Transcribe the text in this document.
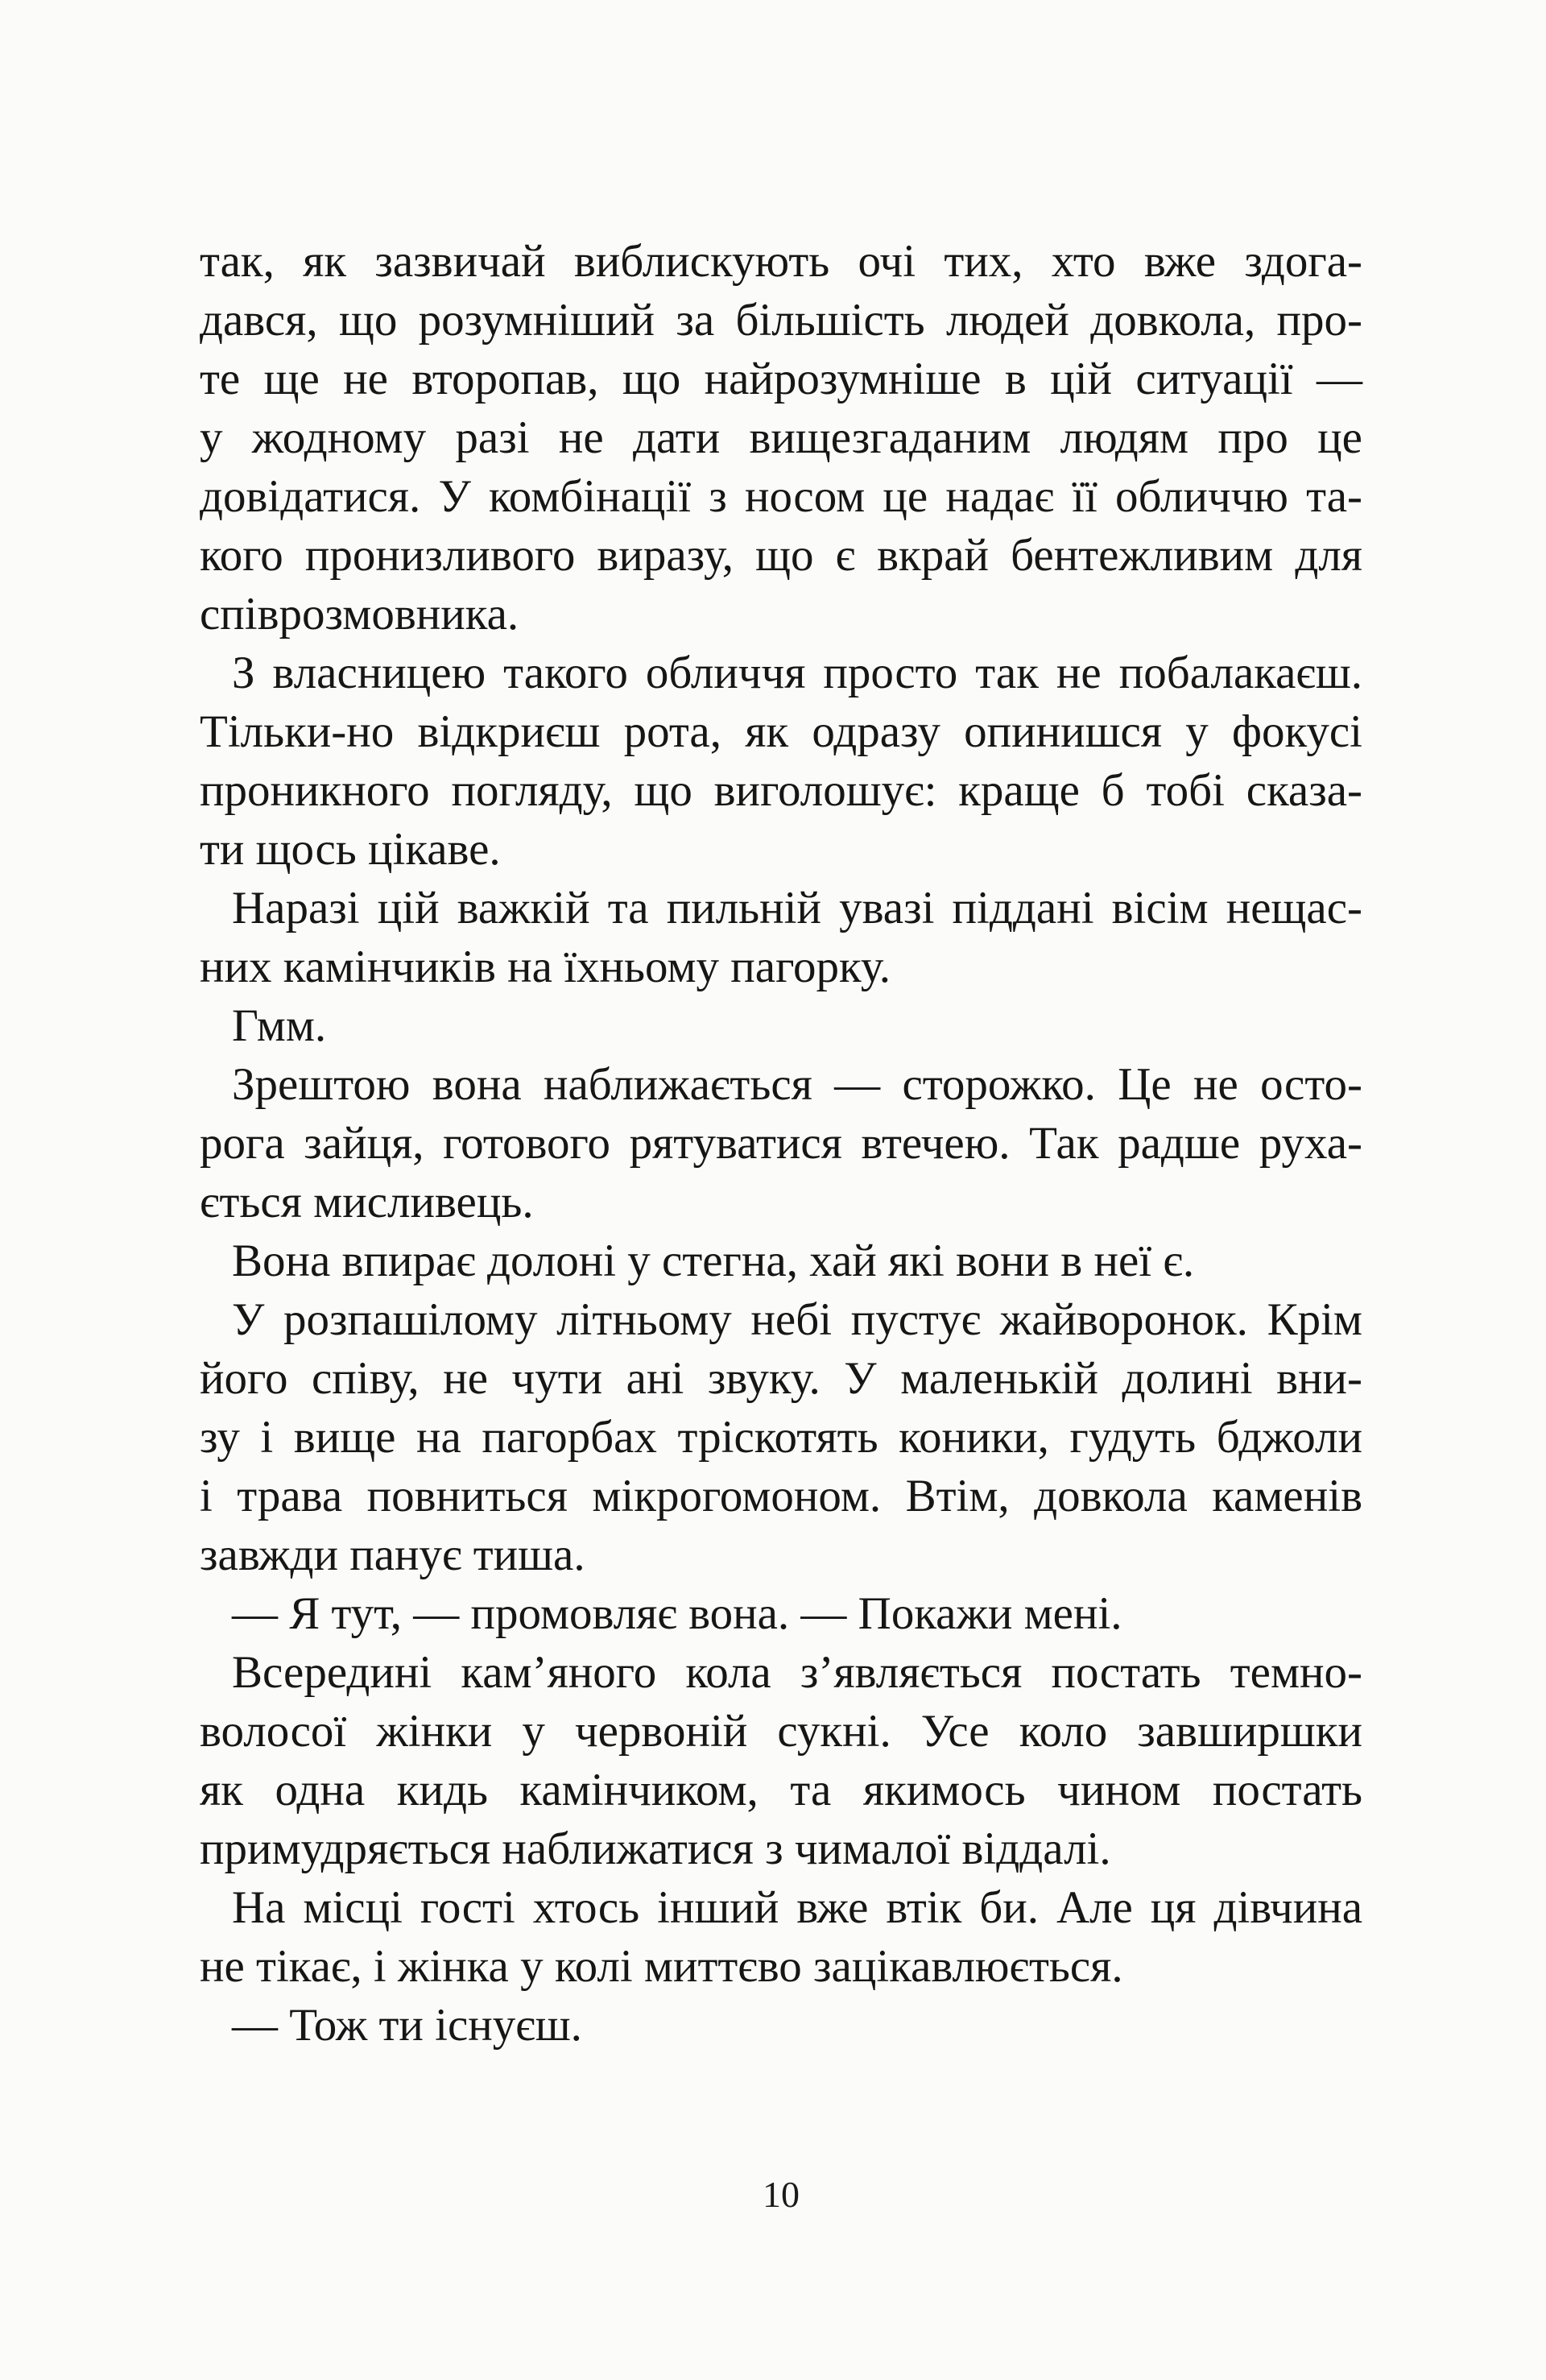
так, як зазвичай виблискують очі тих, хто вже здога-
дався, що розумніший за більшість людей довкола, про-
те ще не второпав, що найрозумніше в цій ситуації —
у жодному разі не дати вищезгаданим людям про це
довідатися. У комбінації з носом це надає її обличчю та-
кого пронизливого виразу, що є вкрай бентежливим для
співрозмовника.
З власницею такого обличчя просто так не побалакаєш.
Тільки-но відкриєш рота, як одразу опинишся у фокусі
проникного погляду, що виголошує: краще б тобі сказа-
ти щось цікаве.
Наразі цій важкій та пильній увазі піддані вісім нещас-
них камінчиків на їхньому пагорку.
Гмм.
Зрештою вона наближається — сторожко. Це не осто-
рога зайця, готового рятуватися втечею. Так радше руха-
ється мисливець.
Вона впирає долоні у стегна, хай які вони в неї є.
У розпашілому літньому небі пустує жайворонок. Крім
його співу, не чути ані звуку. У маленькій долині вни-
зу і вище на пагорбах тріскотять коники, гудуть бджоли
і трава повниться мікрогомоном. Втім, довкола каменів
завжди панує тиша.
— Я тут, — промовляє вона. — Покажи мені.
Всередині кам’яного кола з’являється постать темно-
волосої жінки у червоній сукні. Усе коло завширшки
як одна кидь камінчиком, та якимось чином постать
примудряється наближатися з чималої віддалі.
На місці гості хтось інший вже втік би. Але ця дівчина
не тікає, і жінка у колі миттєво зацікавлюється.
— Тож ти існуєш.
10
